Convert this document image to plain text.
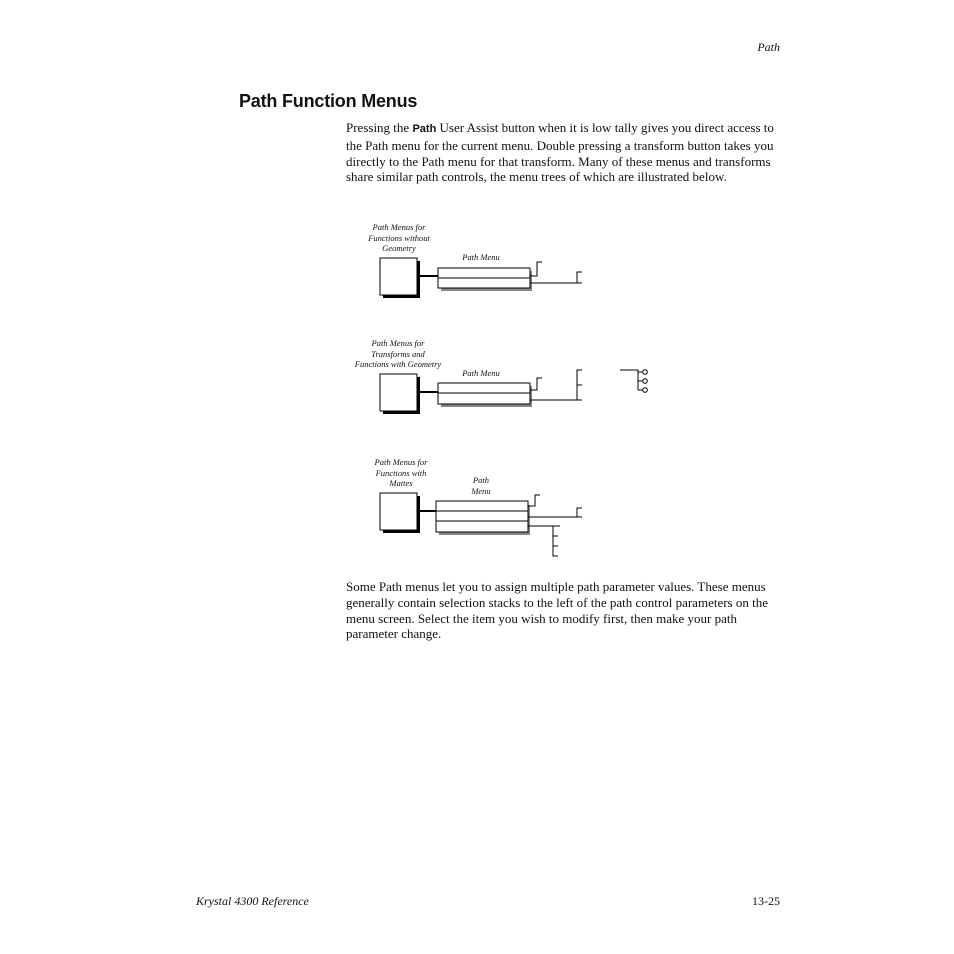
Path
Path Function Menus
Pressing the Path User Assist button when it is low tally gives you direct access to the Path menu for the current menu. Double pressing a transform button takes you directly to the Path menu for that transform. Many of these menus and transforms share similar path controls, the menu trees of which are illustrated below.
Path Menus for
Functions without
Geometry
Path Menu
Path Menus for
Transforms and
Functions with Geometry
Path Menu
Path Menus for
Functions with
Mattes	Path
Menu
Some Path menus let you to assign multiple path parameter values. These menus generally contain selection stacks to the left of the path control parameters on the menu screen. Select the item you wish to modify first, then make your path parameter change.
Krystal 4300 Reference	13-25
